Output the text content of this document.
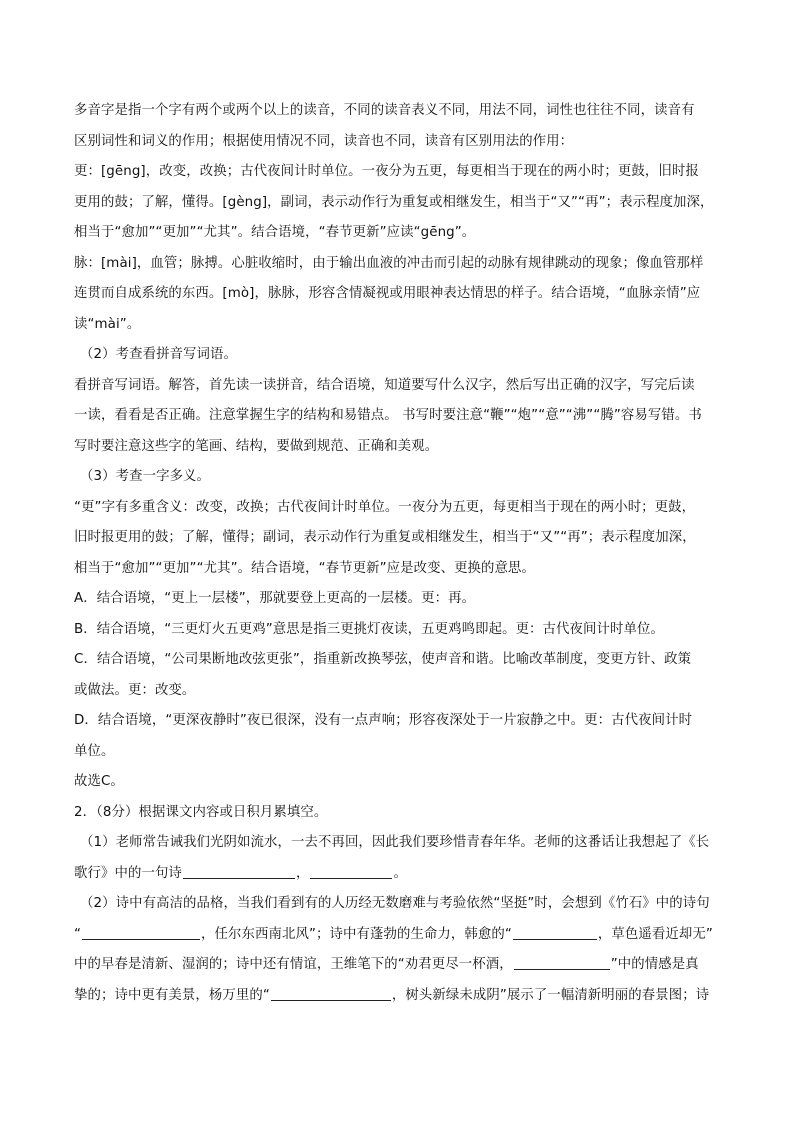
多音字是指一个字有两个或两个以上的读音，不同的读音表义不同，用法不同，词性也往往不同，读音有

区别词性和词义的作用；根据使用情况不同，读音也不同，读音有区别用法的作用：

更：[gēng]，改变，改换；古代夜间计时单位。一夜分为五更，每更相当于现在的两小时；更鼓，旧时报

更用的鼓；了解，懂得。[gèng]，副词，表示动作行为重复或相继发生，相当于“又”“再”；表示程度加深，

相当于“愈加”“更加”“尤其”。结合语境，“春节更新”应读“gēng”。

脉：[mài]，血管；脉搏。心脏收缩时，由于输出血液的冲击而引起的动脉有规律跳动的现象；像血管那样

连贯而自成系统的东西。[mò]，脉脉，形容含情凝视或用眼神表达情思的样子。结合语境，“血脉亲情”应

读“mài”。

（2）考查看拼音写词语。

看拼音写词语。解答，首先读一读拼音，结合语境，知道要写什么汉字，然后写出正确的汉字，写完后读

一读，看看是否正确。注意掌握生字的结构和易错点。 书写时要注意“鞭”“炮”“意”“沸”“腾”容易写错。书

写时要注意这些字的笔画、结构，要做到规范、正确和美观。

（3）考查一字多义。

“更”字有多重含义：改变，改换；古代夜间计时单位。一夜分为五更，每更相当于现在的两小时；更鼓，

旧时报更用的鼓；了解，懂得；副词，表示动作行为重复或相继发生，相当于“又”“再”；表示程度加深，

相当于“愈加”“更加”“尤其”。结合语境，“春节更新”应是改变、更换的意思。

A．结合语境，“更上一层楼”，那就要登上更高的一层楼。更：再。

B．结合语境，“三更灯火五更鸡”意思是指三更挑灯夜读，五更鸡鸣即起。更：古代夜间计时单位。

C．结合语境，“公司果断地改弦更张”，指重新改换琴弦，使声音和谐。比喻改革制度，变更方针、政策

或做法。更：改变。

D．结合语境，“更深夜静时”夜已很深，没有一点声响；形容夜深处于一片寂静之中。更：古代夜间计时

单位。

故选C。

2．（8分）根据课文内容或日积月累填空。

（1）老师常告诫我们光阴如流水，一去不再回，因此我们要珍惜青春年华。老师的这番话让我想起了《长

歌行》中的一句诗	，	。

（2）诗中有高洁的品格，当我们看到有的人历经无数磨难与考验依然“坚挺”时，会想到《竹石》中的诗句

“	，任尔东西南北风”；诗中有蓬勃的生命力，韩愈的“	，草色遥看近却无”

中的早春是清新、湿润的；诗中还有情谊，王维笔下的“劝君更尽一杯酒，	”中的情感是真

挚的；诗中更有美景，杨万里的“	，树头新绿未成阴”展示了一幅清新明丽的春景图；诗
